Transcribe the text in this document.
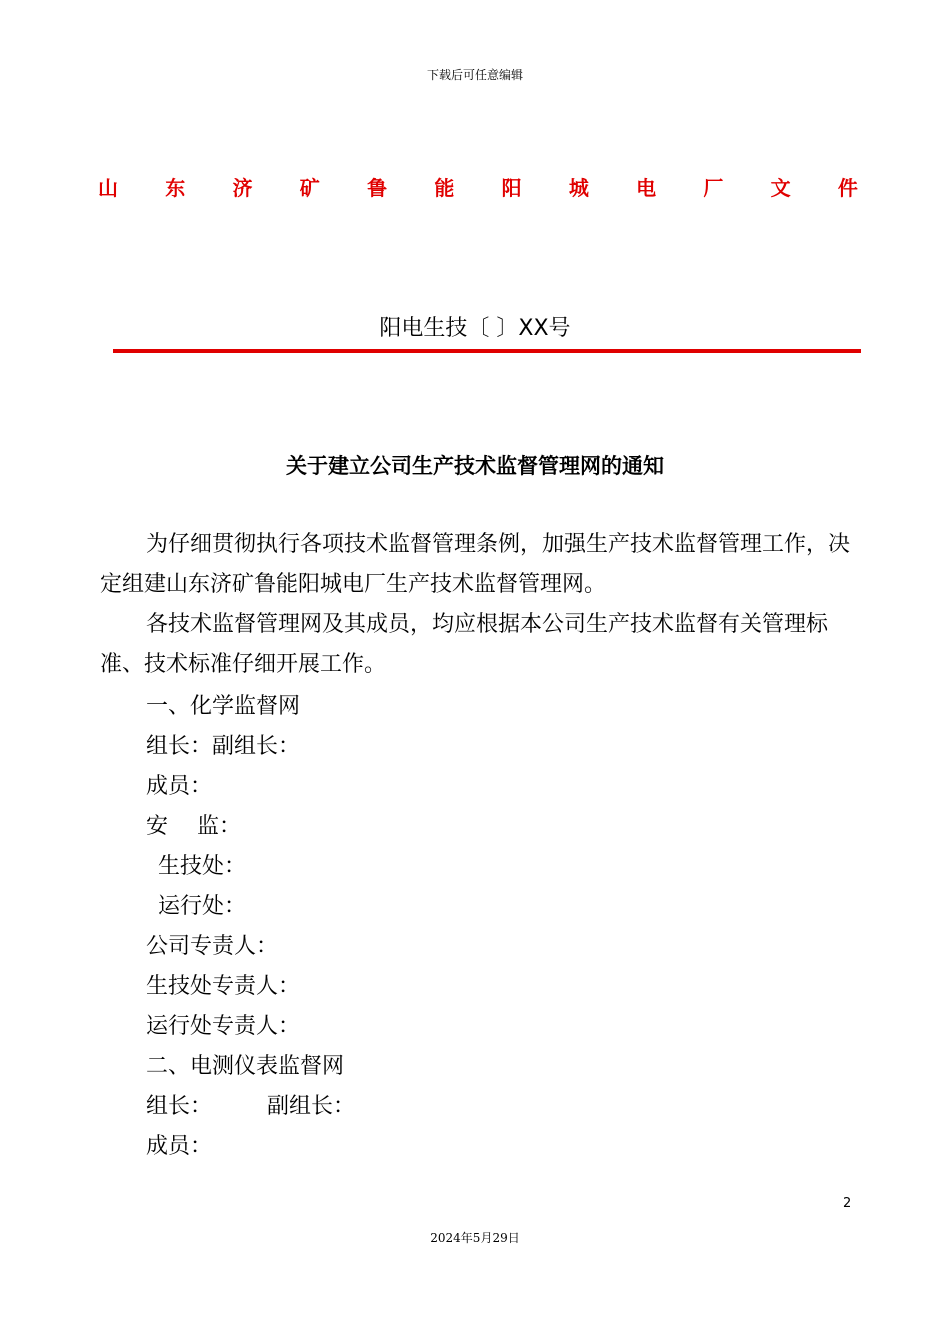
下载后可任意编辑
山 东 济 矿 鲁 能 阳 城 电 厂 文 件
阳电生技〔 〕XX号
关于建立公司生产技术监督管理网的通知
为仔细贯彻执行各项技术监督管理条例，加强生产技术监督管理工作，决定组建山东济矿鲁能阳城电厂生产技术监督管理网。
各技术监督管理网及其成员，均应根据本公司生产技术监督有关管理标准、技术标准仔细开展工作。
一、化学监督网
组长：副组长：
成员：
安　 监：
生技处：
运行处：
公司专责人：
生技处专责人：
运行处专责人：
二、电测仪表监督网
组长：　　　副组长：
成员：
2
2024年5月29日
